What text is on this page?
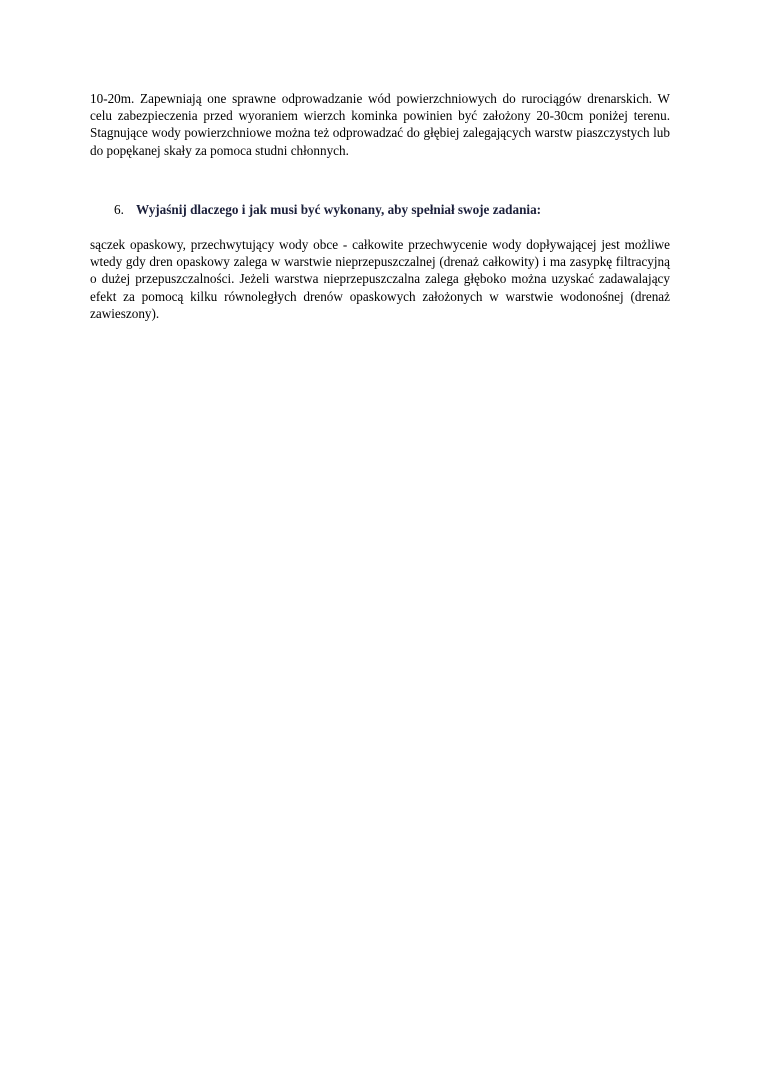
10-20m. Zapewniają one sprawne odprowadzanie wód powierzchniowych do rurociągów drenarskich. W celu zabezpieczenia przed wyoraniem wierzch kominka powinien być założony 20-30cm poniżej terenu. Stagnujące wody powierzchniowe można też odprowadzać do głębiej zalegających warstw piaszczystych lub do popękanej skały za pomoca studni chłonnych.

6. Wyjaśnij dlaczego i jak musi być wykonany, aby spełniał swoje zadania:

sączek opaskowy, przechwytujący wody obce - całkowite przechwycenie wody dopływającej jest możliwe wtedy gdy dren opaskowy zalega w warstwie nieprzepuszczalnej (drenaż całkowity) i ma zasypkę filtracyjną o dużej przepuszczalności. Jeżeli warstwa nieprzepuszczalna zalega głęboko można uzyskać zadawalający efekt za pomocą kilku równoległych drenów opaskowych założonych w warstwie wodonośnej (drenaż zawieszony).
